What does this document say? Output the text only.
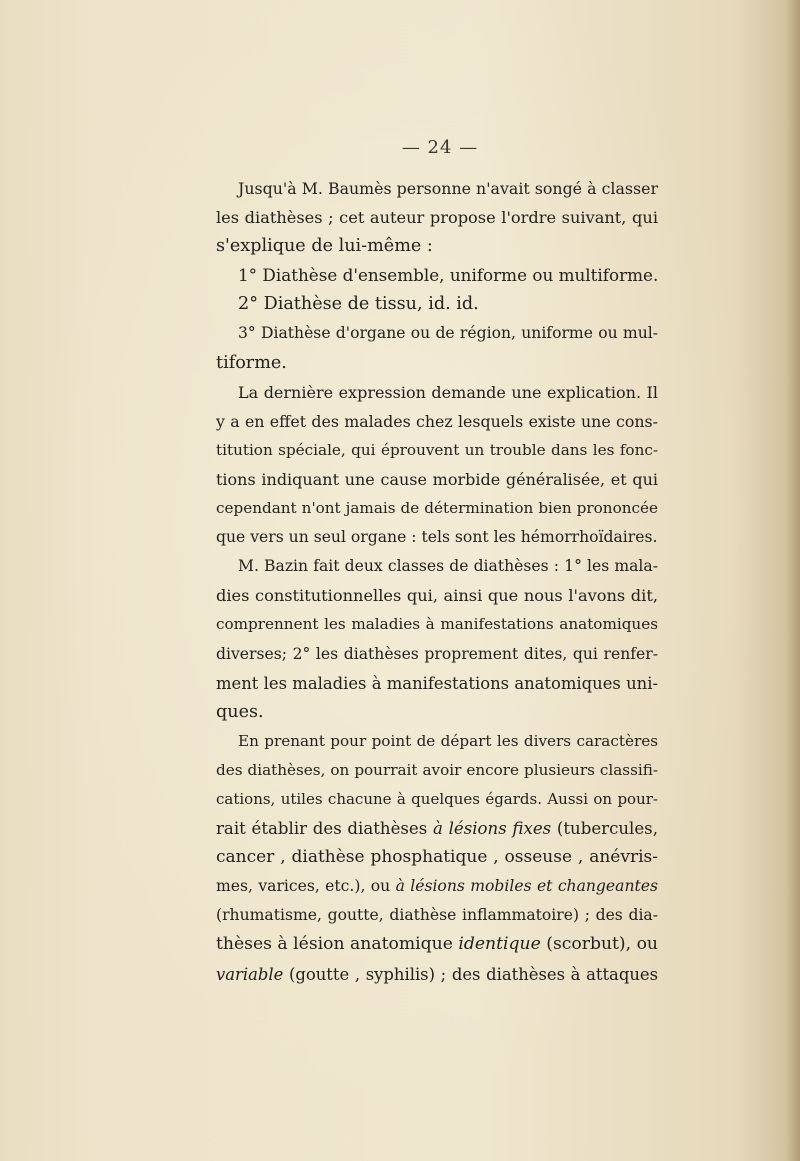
— 24 —
Jusqu'à M. Baumès personne n'avait songé à classer
les diathèses ; cet auteur propose l'ordre suivant, qui
s'explique de lui-même :
1° Diathèse d'ensemble, uniforme ou multiforme.
2° Diathèse de tissu, id. id.
3° Diathèse d'organe ou de région, uniforme ou mul-
tiforme.
La dernière expression demande une explication. Il
y a en effet des malades chez lesquels existe une cons-
titution spéciale, qui éprouvent un trouble dans les fonc-
tions indiquant une cause morbide généralisée, et qui
cependant n'ont jamais de détermination bien prononcée
que vers un seul organe : tels sont les hémorrhoïdaires.
M. Bazin fait deux classes de diathèses : 1° les mala-
dies constitutionnelles qui, ainsi que nous l'avons dit,
comprennent les maladies à manifestations anatomiques
diverses; 2° les diathèses proprement dites, qui renfer-
ment les maladies à manifestations anatomiques uni-
ques.
En prenant pour point de départ les divers caractères
des diathèses, on pourrait avoir encore plusieurs classifi-
cations, utiles chacune à quelques égards. Aussi on pour-
rait établir des diathèses à lésions fixes (tubercules,
cancer , diathèse phosphatique , osseuse , anévris-
mes, varices, etc.), ou à lésions mobiles et changeantes
(rhumatisme, goutte, diathèse inflammatoire) ; des dia-
thèses à lésion anatomique identique (scorbut), ou
variable (goutte , syphilis) ; des diathèses à attaques
